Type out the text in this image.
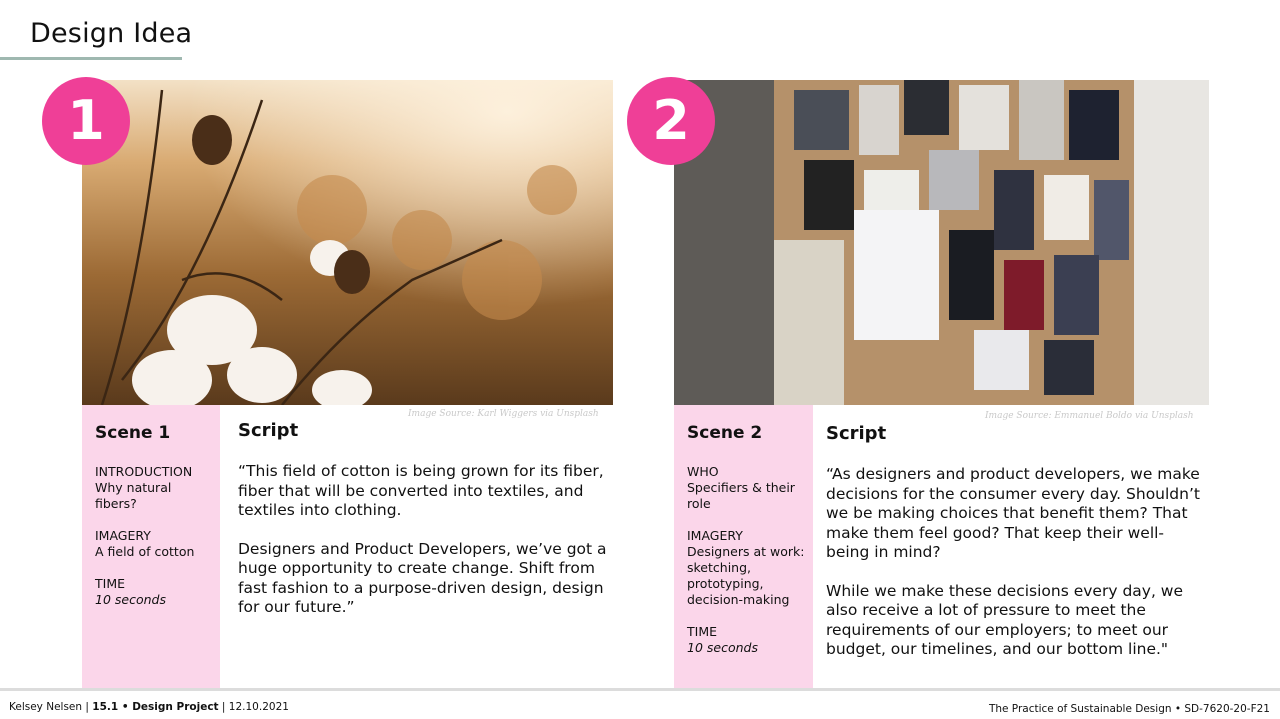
Design Idea
1
Image Source: Karl Wiggers via Unsplash
Scene 1
INTRODUCTION
Why natural fibers?
IMAGERY
A field of cotton
TIME
10 seconds
Script

“This field of cotton is being grown for its fiber, fiber that will be converted into textiles, and textiles into clothing.

Designers and Product Developers, we’ve got a huge opportunity to create change. Shift from fast fashion to a purpose-driven design, design for our future.”

2
Image Source: Emmanuel Boldo via Unsplash
Scene 2
WHO
Specifiers & their role
IMAGERY
Designers at work: sketching, prototyping, decision-making
TIME
10 seconds
Script

“As designers and product developers, we make decisions for the consumer every day. Shouldn’t we be making choices that benefit them? That make them feel good? That keep their well-being in mind?

While we make these decisions every day, we also receive a lot of pressure to meet the requirements of our employers; to meet our budget, our timelines, and our bottom line."

Kelsey Nelsen | 15.1 • Design Project | 12.10.2021	The Practice of Sustainable Design • SD-7620-20-F21
